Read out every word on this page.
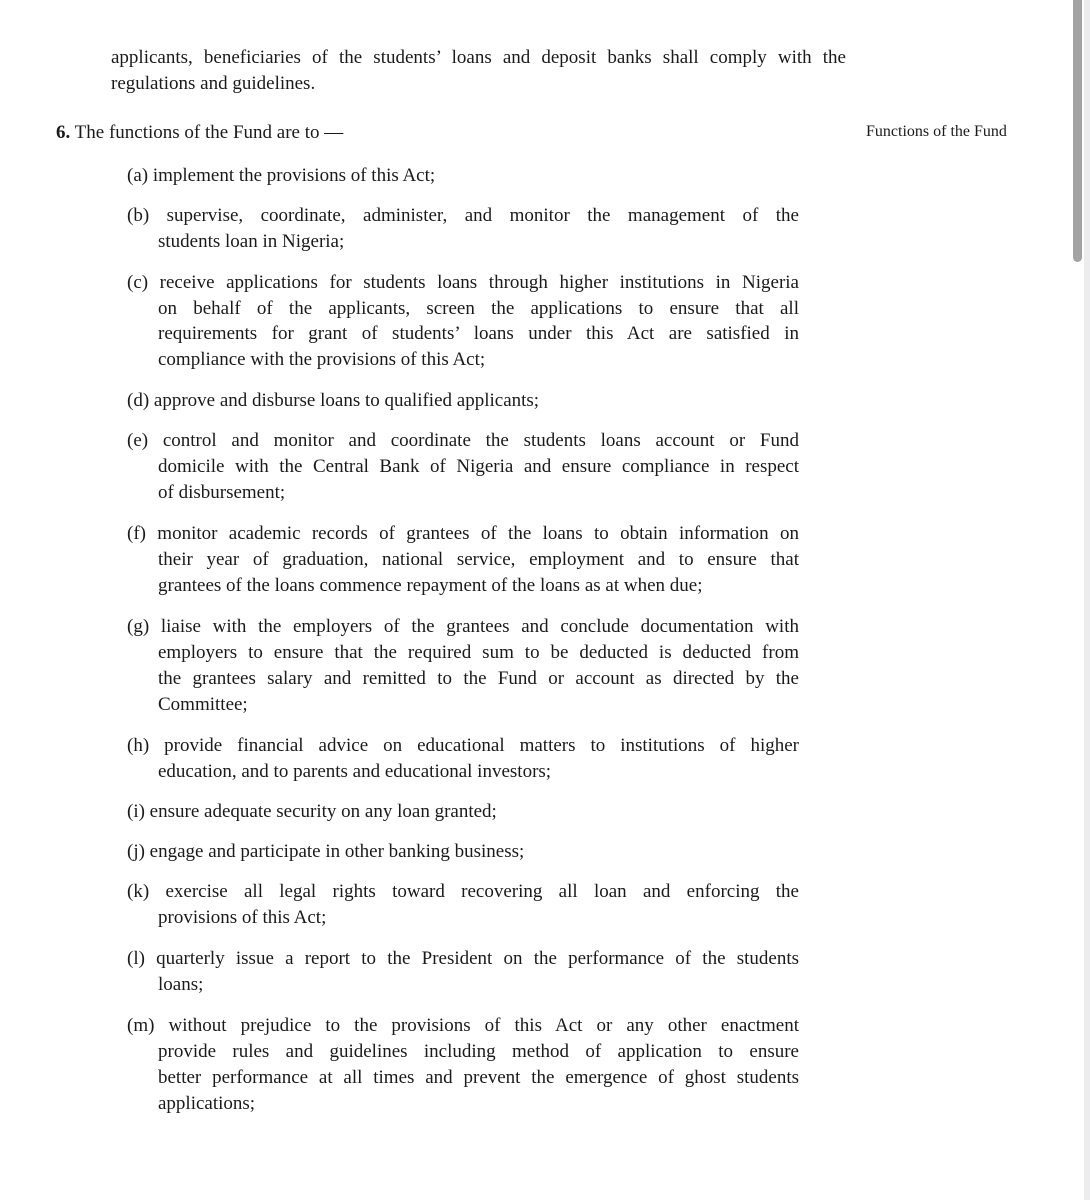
applicants, beneficiaries of the students’ loans and deposit banks shall comply with the
regulations and guidelines.
6. The functions of the Fund are to —	Functions of the Fund
(a) implement the provisions of this Act;
(b) supervise, coordinate, administer, and monitor the management of the
students loan in Nigeria;
(c) receive applications for students loans through higher institutions in Nigeria
on behalf of the applicants, screen the applications to ensure that all
requirements for grant of students’ loans under this Act are satisfied in
compliance with the provisions of this Act;
(d) approve and disburse loans to qualified applicants;
(e) control and monitor and coordinate the students loans account or Fund
domicile with the Central Bank of Nigeria and ensure compliance in respect
of disbursement;
(f) monitor academic records of grantees of the loans to obtain information on
their year of graduation, national service, employment and to ensure that
grantees of the loans commence repayment of the loans as at when due;
(g) liaise with the employers of the grantees and conclude documentation with
employers to ensure that the required sum to be deducted is deducted from
the grantees salary and remitted to the Fund or account as directed by the
Committee;
(h) provide financial advice on educational matters to institutions of higher
education, and to parents and educational investors;
(i) ensure adequate security on any loan granted;
(j) engage and participate in other banking business;
(k) exercise all legal rights toward recovering all loan and enforcing the
provisions of this Act;
(l) quarterly issue a report to the President on the performance of the students
loans;
(m) without prejudice to the provisions of this Act or any other enactment
provide rules and guidelines including method of application to ensure
better performance at all times and prevent the emergence of ghost students
applications;
